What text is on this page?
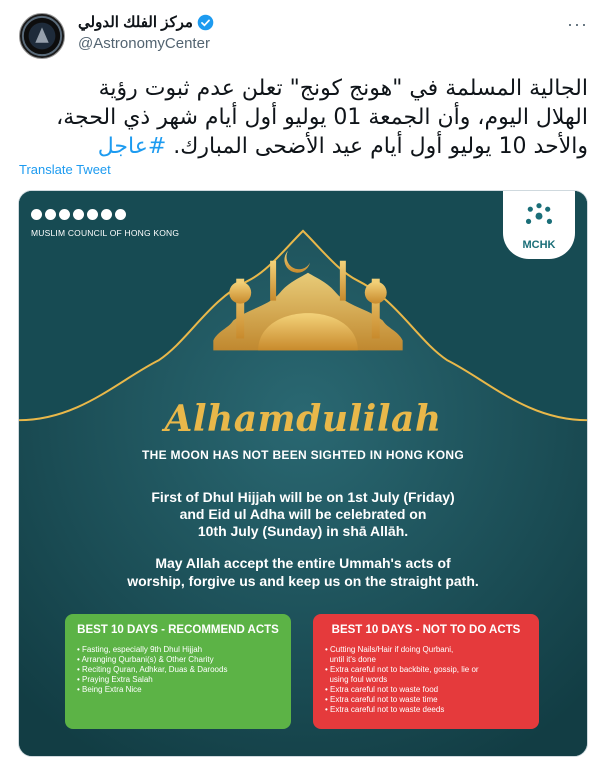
مركز الفلك الدولي
@AstronomyCenter
···
الجالية المسلمة في "هونج كونج" تعلن عدم ثبوت رؤية
الهلال اليوم، وأن الجمعة 01 يوليو أول أيام شهر ذي الحجة،
والأحد 10 يوليو أول أيام عيد الأضحى المبارك. #عاجل
Translate Tweet
MUSLIM COUNCIL OF HONG KONG
MCHK
Alhamdulilah
THE MOON HAS NOT BEEN SIGHTED IN HONG KONG
First of Dhul Hijjah will be on 1st July (Friday)
and Eid ul Adha will be celebrated on
10th July (Sunday) in shā Allāh.
May Allah accept the entire Ummah's acts of
worship, forgive us and keep us on the straight path.
BEST 10 DAYS - RECOMMEND ACTS
• Fasting, especially 9th Dhul Hijjah
• Arranging Qurbani(s) & Other Charity
• Reciting Quran, Adhkar, Duas & Daroods
• Praying Extra Salah
• Being Extra Nice
BEST 10 DAYS - NOT TO DO ACTS
• Cutting Nails/Hair if doing Qurbani,
until it's done
• Extra careful not to backbite, gossip, lie or
using foul words
• Extra careful not to waste food
• Extra careful not to waste time
• Extra careful not to waste deeds
